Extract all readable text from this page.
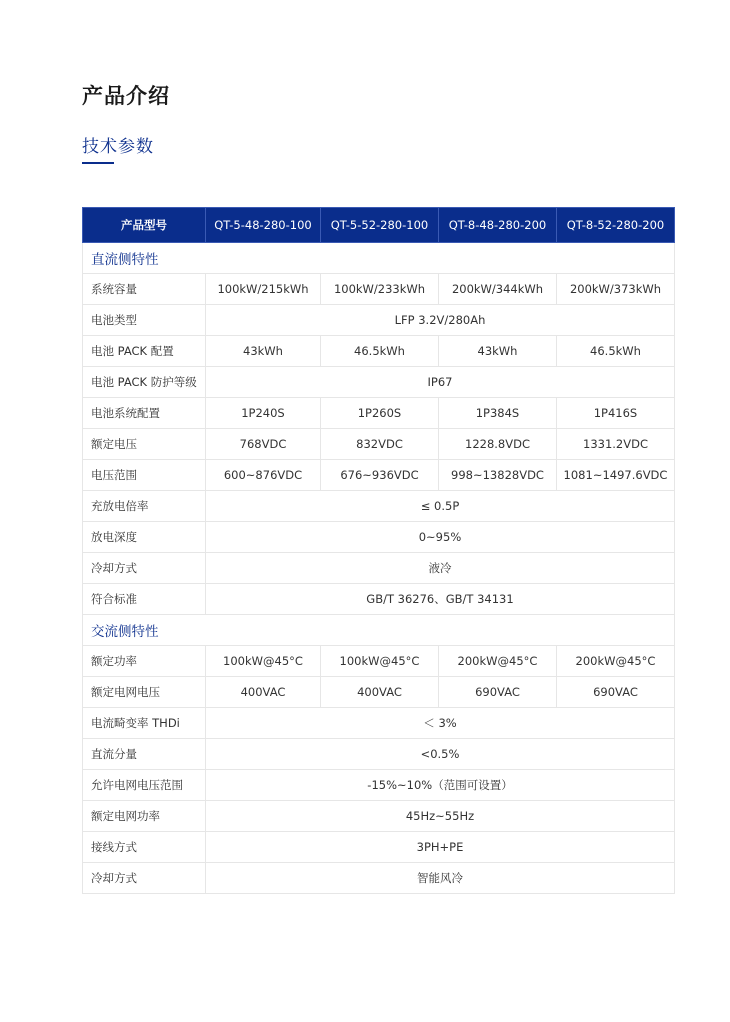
产品介绍
技术参数
产品型号	QT-5-48-280-100	QT-5-52-280-100	QT-8-48-280-200	QT-8-52-280-200
直流侧特性				
系统容量	100kW/215kWh	100kW/233kWh	200kW/344kWh	200kW/373kWh
电池类型	LFP 3.2V/280Ah			
电池 PACK 配置	43kWh	46.5kWh	43kWh	46.5kWh
电池 PACK 防护等级	IP67			
电池系统配置	1P240S	1P260S	1P384S	1P416S
额定电压	768VDC	832VDC	1228.8VDC	1331.2VDC
电压范围	600~876VDC	676~936VDC	998~13828VDC	1081~1497.6VDC
充放电倍率	≤ 0.5P			
放电深度	0~95%			
冷却方式	液冷			
符合标准	GB/T 36276、GB/T 34131			
交流侧特性				
额定功率	100kW@45°C	100kW@45°C	200kW@45°C	200kW@45°C
额定电网电压	400VAC	400VAC	690VAC	690VAC
电流畸变率 THDi	＜ 3%			
直流分量	<0.5%			
允许电网电压范围	-15%~10%（范围可设置）			
额定电网功率	45Hz~55Hz			
接线方式	3PH+PE			
冷却方式	智能风冷			
